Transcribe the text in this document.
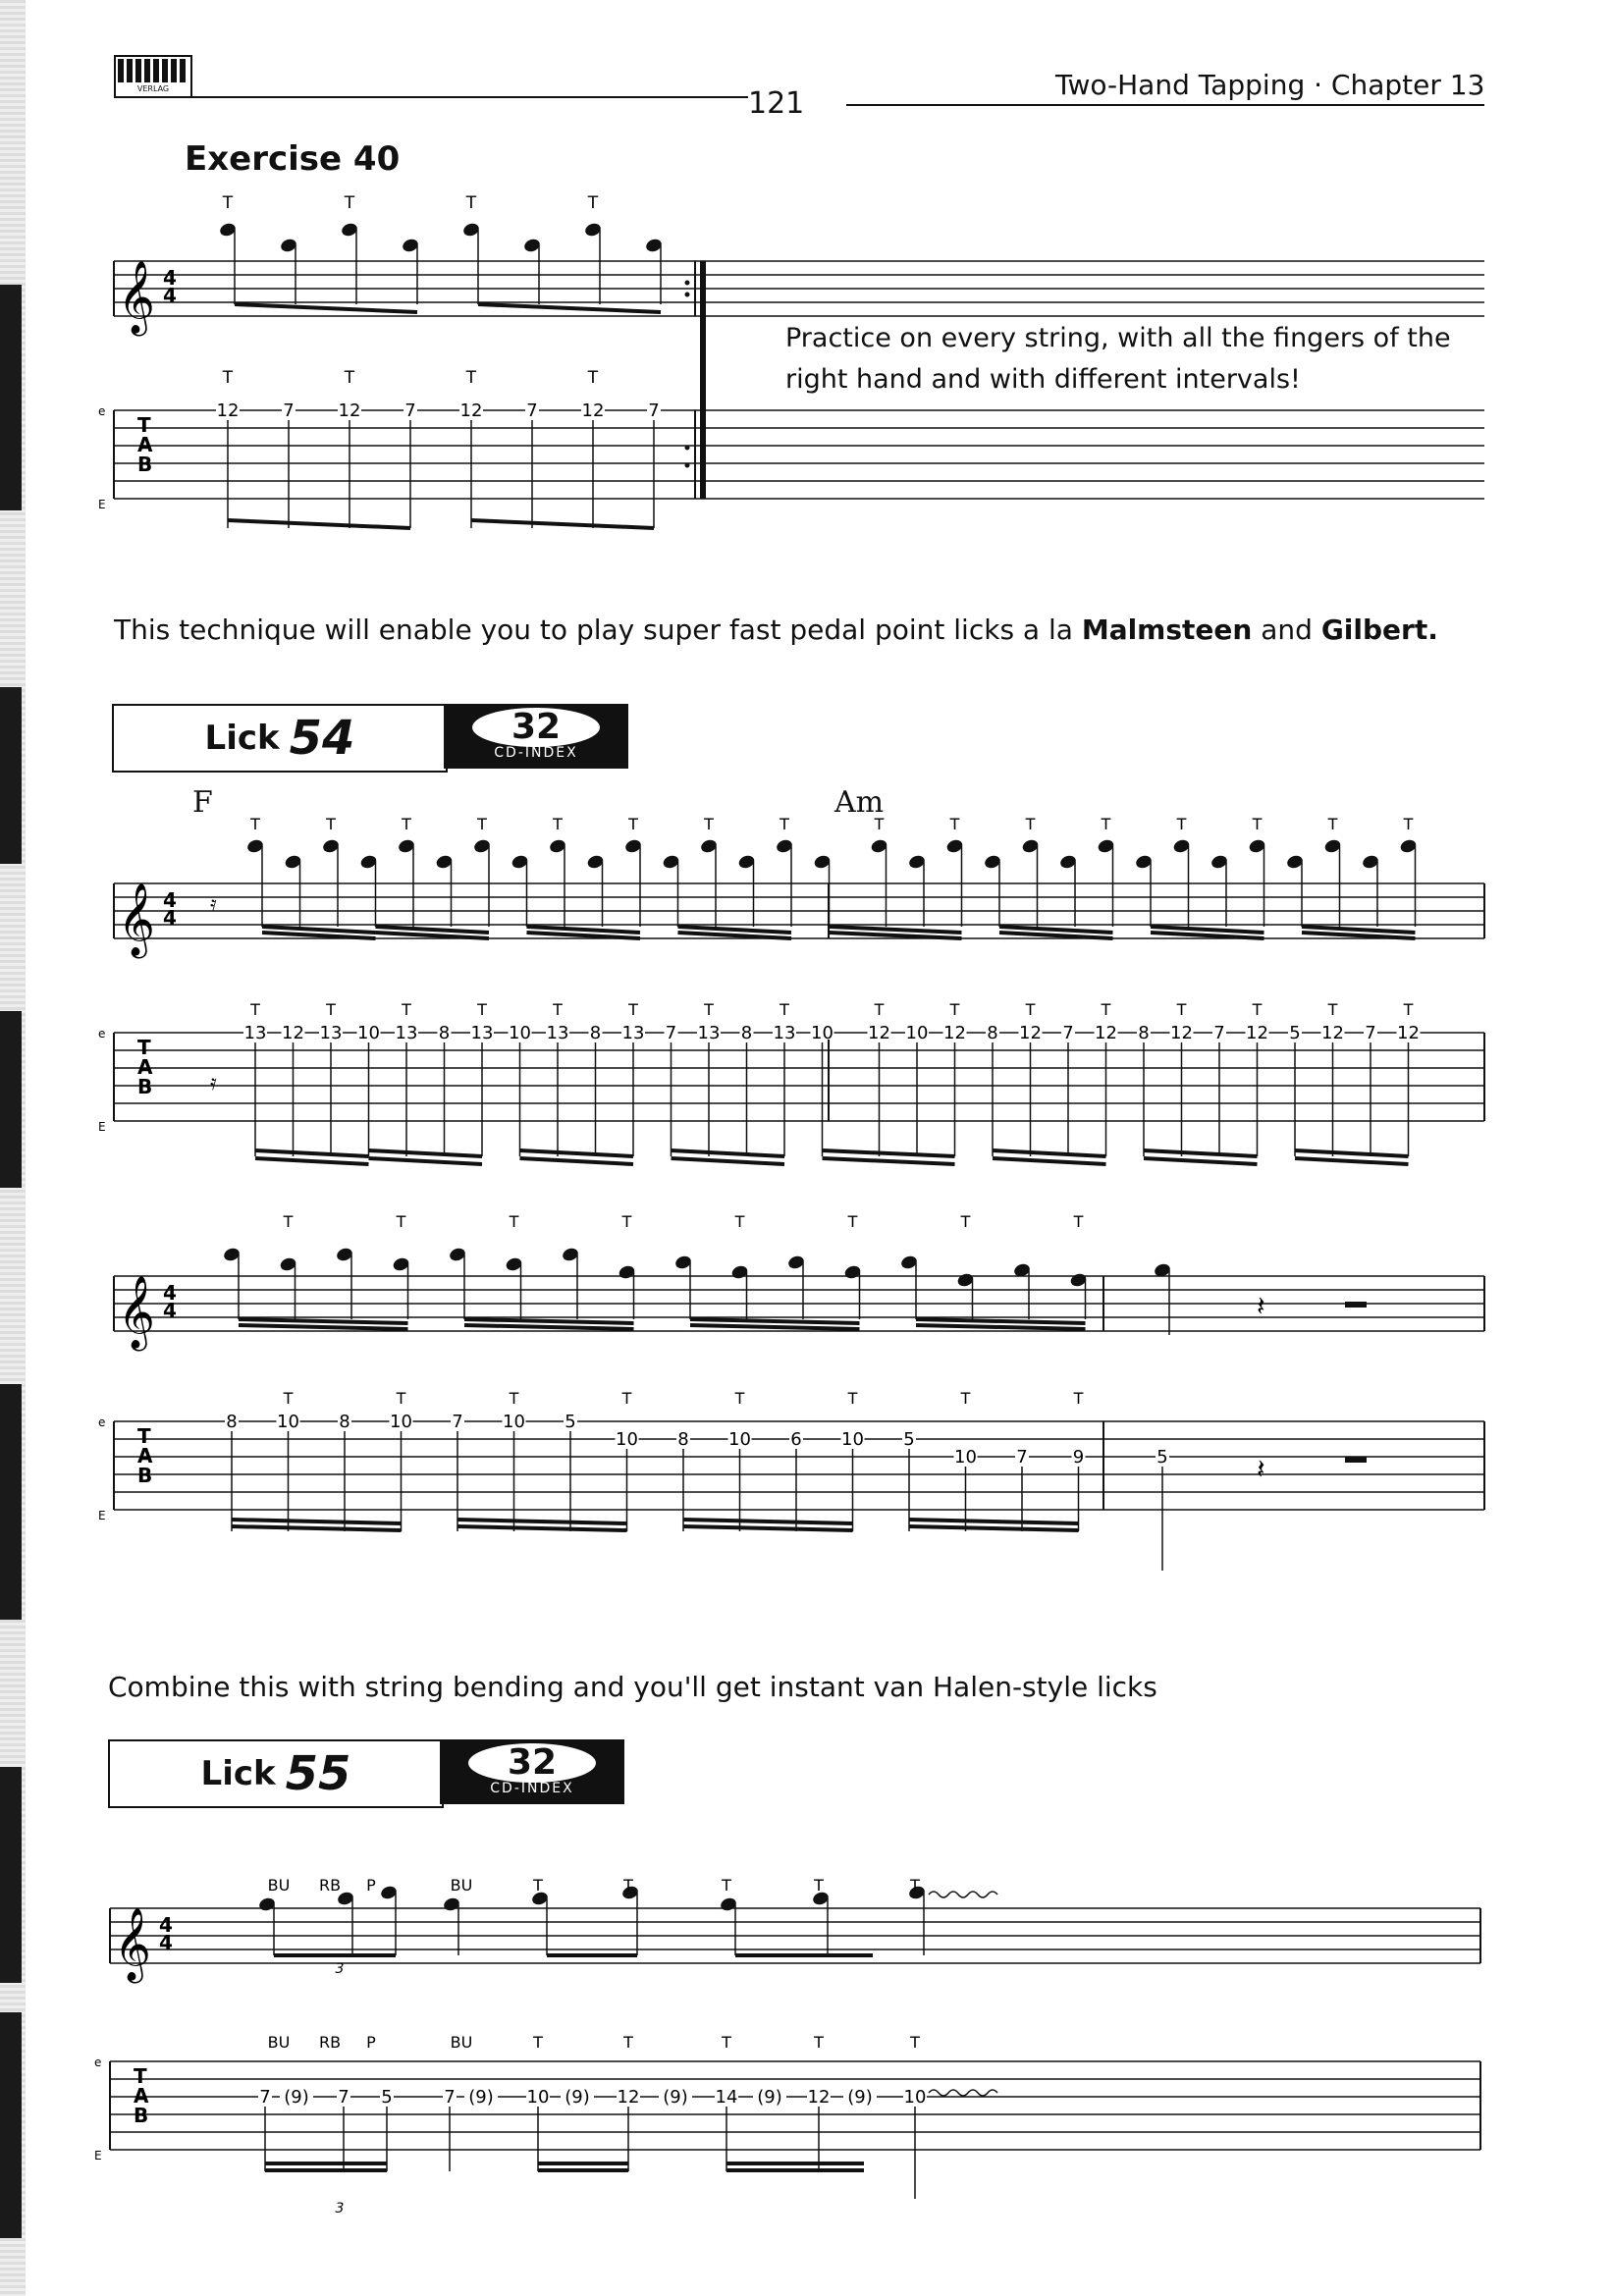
VERLAG	121
Two-Hand Tapping · Chapter 13
Exercise 40
Practice on every string, with all the fingers of the right hand and with different intervals!
This technique will enable you to play super fast pedal point licks a la Malmsteen and Gilbert.
Lick 54	32
CD-INDEX
F	Am
Combine this with string bending and you'll get instant van Halen-style licks
Lick 55	32
CD-INDEX
𝄞 4
4
T
A
B
e
E
12 7 12 7 12 7 12 7
T
T
T
T
T
T
T
T
𝄞 4
4
T
A
B
e
E
𝄿
𝄿
13 12 13 10 13 8 13 10 13 8 13 7 13 8 13 10 12 10 12 8 12 7 12 8 12 7 12 5 12 7 12
T
T
T
T
T
T
T
T
T
T
T
T
T
T
T
T
T
T
T
T
T
T
T
T
T
T
T
T
T
T
T
T
𝄞 4
4
T
A
B
e
E
8 10 8 10 7 10 5
10 8 10 6 10 5
10 7	9	5
T
T
T
T
T
T
T
T
T
T
T
T
T
T
T
T
𝄽
𝄽
𝄞 4
4
T
A
B
e
E
7 (9) 7 5	7 (9) 10 (9) 12 (9) 14 (9) 12 (9) 10
3
3
BU
BU
RB
RB
P
P
BU
BU
T
T
T
T
T
T
T
T
T
T
